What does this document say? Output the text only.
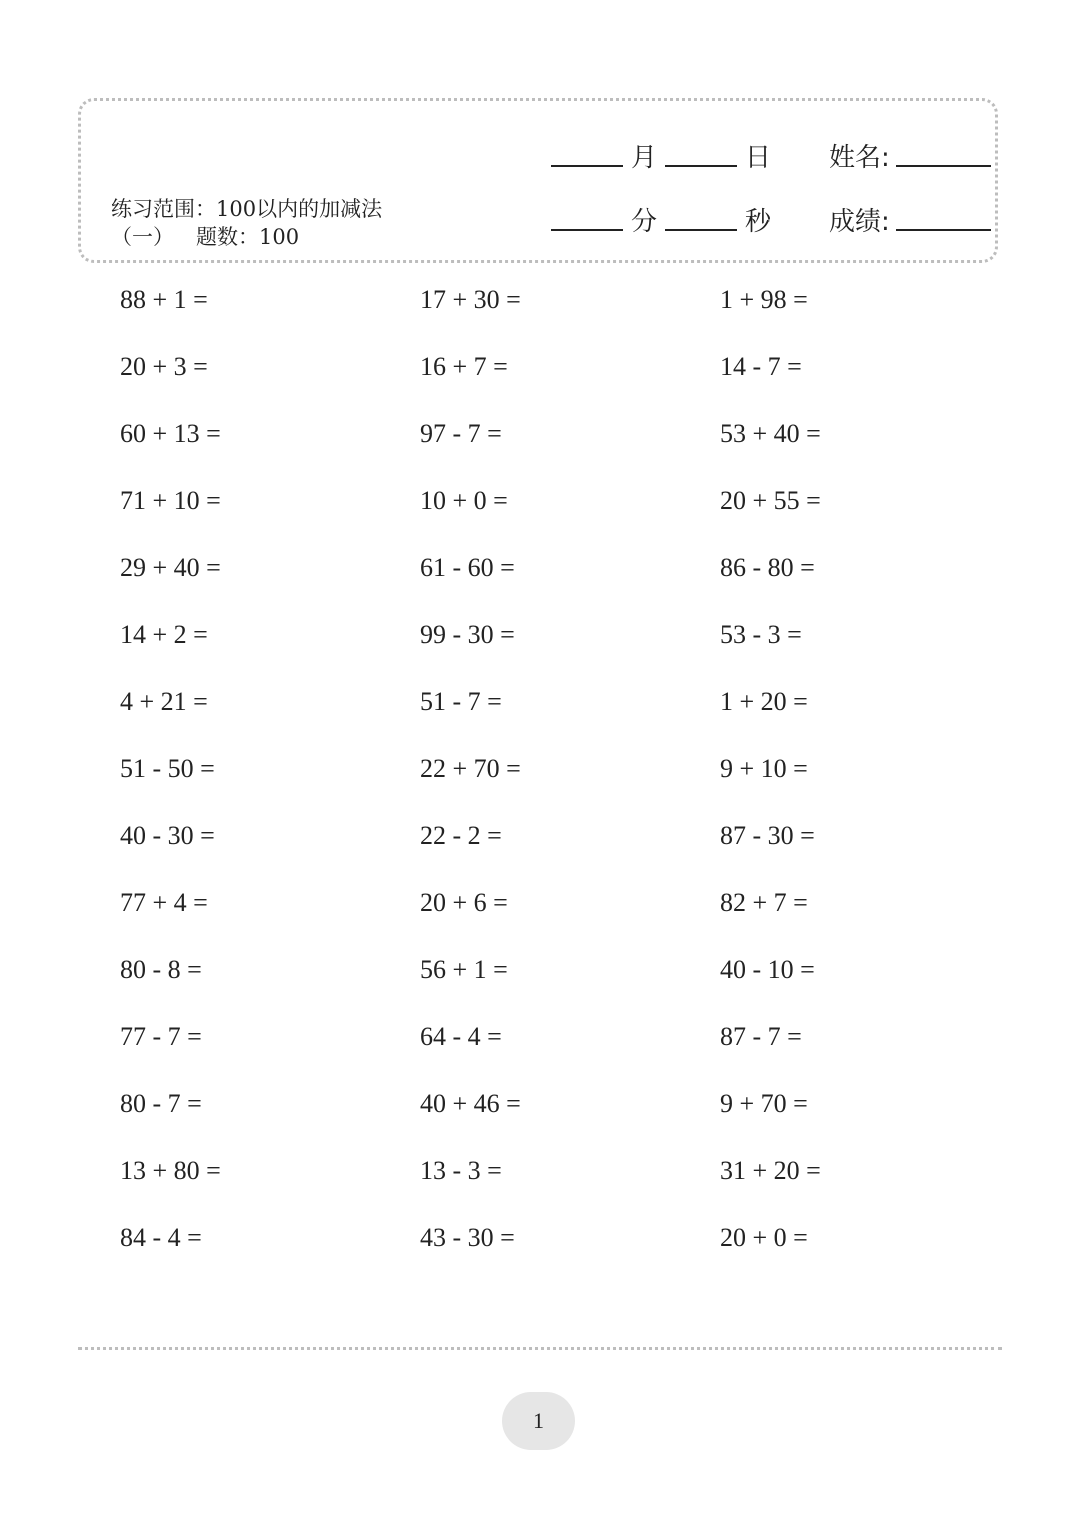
练习范围：100以内的加减法
（一） 题数：100
月	日 姓名:
分	秒 成绩:
88 + 1 =	17 + 30 =	1 + 98 =
20 + 3 =	16 + 7 =	14 - 7 =
60 + 13 =	97 - 7 =	53 + 40 =
71 + 10 =	10 + 0 =	20 + 55 =
29 + 40 =	61 - 60 =	86 - 80 =
14 + 2 =	99 - 30 =	53 - 3 =
4 + 21 =	51 - 7 =	1 + 20 =
51 - 50 =	22 + 70 =	9 + 10 =
40 - 30 =	22 - 2 =	87 - 30 =
77 + 4 =	20 + 6 =	82 + 7 =
80 - 8 =	56 + 1 =	40 - 10 =
77 - 7 =	64 - 4 =	87 - 7 =
80 - 7 =	40 + 46 =	9 + 70 =
13 + 80 =	13 - 3 =	31 + 20 =
84 - 4 =	43 - 30 =	20 + 0 =
1
